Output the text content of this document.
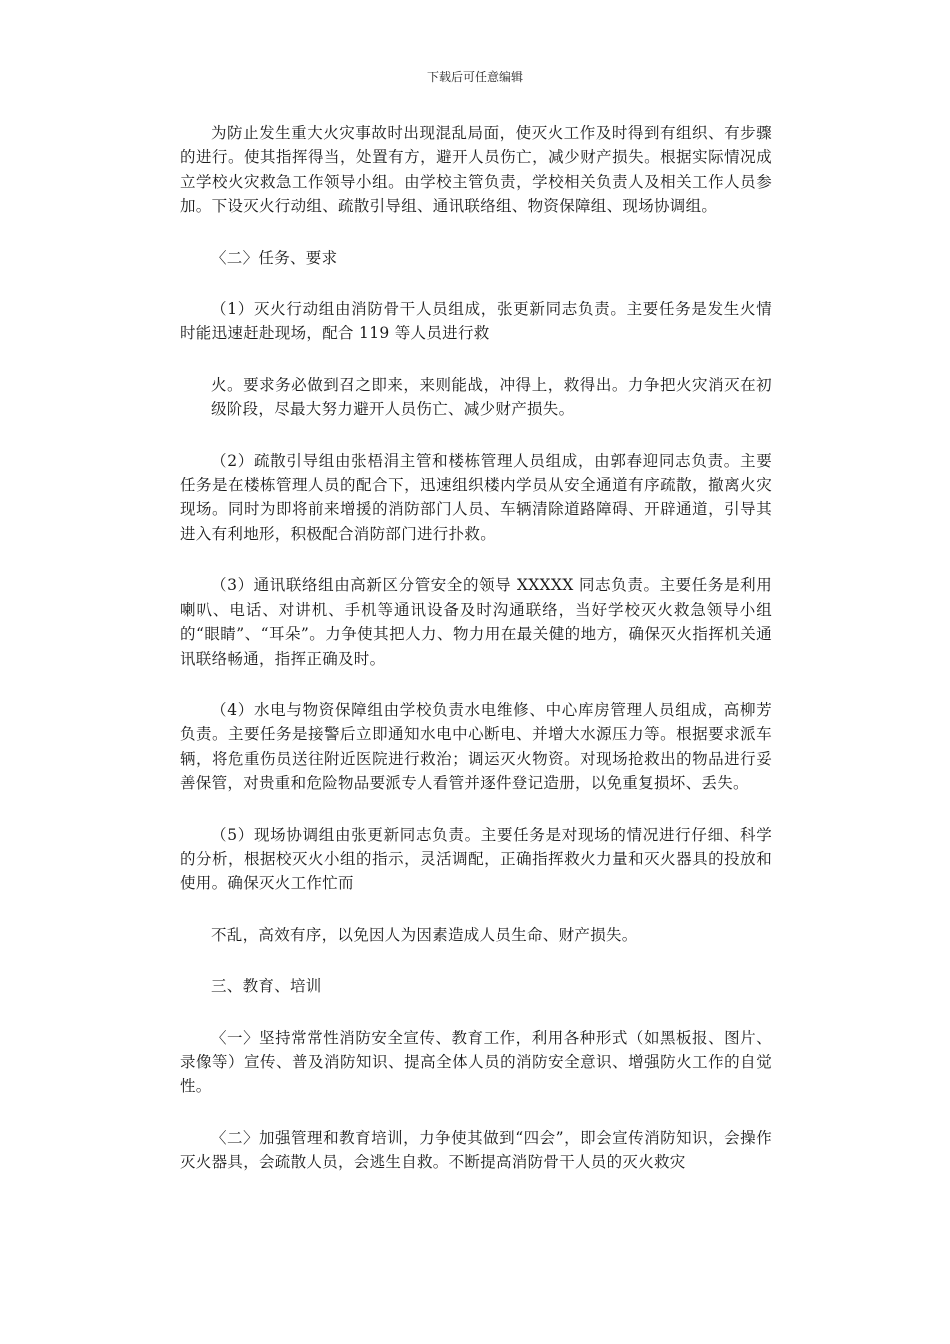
下载后可任意编辑

为防止发生重大火灾事故时出现混乱局面，使灭火工作及时得到有组织、有步骤的进行。使其指挥得当，处置有方，避开人员伤亡，减少财产损失。根据实际情况成立学校火灾救急工作领导小组。由学校主管负责，学校相关负责人及相关工作人员参加。下设灭火行动组、疏散引导组、通讯联络组、物资保障组、现场协调组。

〈二〉任务、要求

（1）灭火行动组由消防骨干人员组成，张更新同志负责。主要任务是发生火情时能迅速赶赴现场，配合 119 等人员进行救

火。要求务必做到召之即来，来则能战，冲得上，救得出。力争把火灾消灭在初级阶段，尽最大努力避开人员伤亡、减少财产损失。

（2）疏散引导组由张梧涓主管和楼栋管理人员组成，由郭春迎同志负责。主要任务是在楼栋管理人员的配合下，迅速组织楼内学员从安全通道有序疏散，撤离火灾现场。同时为即将前来增援的消防部门人员、车辆清除道路障碍、开辟通道，引导其进入有利地形，积极配合消防部门进行扑救。

（3）通讯联络组由高新区分管安全的领导 XXXXX 同志负责。主要任务是利用喇叭、电话、对讲机、手机等通讯设备及时沟通联络，当好学校灭火救急领导小组的“眼睛”、“耳朵”。力争使其把人力、物力用在最关健的地方，确保灭火指挥机关通讯联络畅通，指挥正确及时。

（4）水电与物资保障组由学校负责水电维修、中心库房管理人员组成，高柳芳负责。主要任务是接警后立即通知水电中心断电、并增大水源压力等。根据要求派车辆，将危重伤员送往附近医院进行救治；调运灭火物资。对现场抢救出的物品进行妥善保管，对贵重和危险物品要派专人看管并逐件登记造册，以免重复损坏、丢失。

（5）现场协调组由张更新同志负责。主要任务是对现场的情况进行仔细、科学的分析，根据校灭火小组的指示，灵活调配，正确指挥救火力量和灭火器具的投放和使用。确保灭火工作忙而

不乱，高效有序，以免因人为因素造成人员生命、财产损失。

三、教育、培训

〈一〉坚持常常性消防安全宣传、教育工作，利用各种形式（如黑板报、图片、录像等）宣传、普及消防知识、提高全体人员的消防安全意识、增强防火工作的自觉性。

〈二〉加强管理和教育培训，力争使其做到“四会”，即会宣传消防知识，会操作灭火器具，会疏散人员，会逃生自救。不断提高消防骨干人员的灭火救灾
